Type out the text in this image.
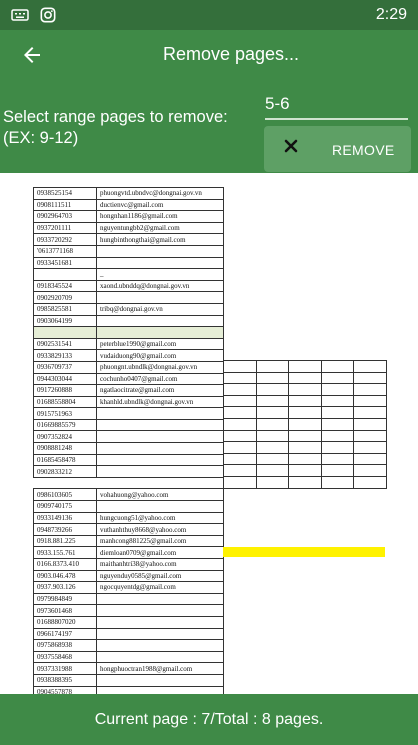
2:29
Remove pages...
Select range pages to remove:
(EX: 9-12)
5-6
REMOVE
0938525154	phuongvtd.ubndvc@dongnai.gov.vn
0908111511	ductienvc@gmail.com
0902964703	hongnhan1186@gmail.com
0937201111	nguyentungbb2@gmail.com
0933720292	hungbinthongthai@gmail.com
'0613771168	
0933451681	
	_
0918345524	xaond.ubnddq@dongnai.gov.vn
0902920709	
0985825581	tribq@dongnai.gov.vn
0903064199	

0902531541	peterblue1990@gmail.com
0933829133	vudaiduong90@gmail.com
0936709737	phuongnt.ubndlk@dongnai.gov.vn
0944303044	cochunho0407@gmail.com
0917260888	ngatlaocitrate@gmail.com
01688558804	khanhld.ubndlk@dongnai.gov.vn
0915751963	
01669885579	
0907352824	
0908881248	
01685458478	
0902833212	

0986103605	vohahuong@yahoo.com
0909740175	
0933149136	hungcuong51@yahoo.com
0948739266	vuthanhthuy8668@yahoo.com
0918.881.225	manhcong881225@gmail.com
0933.155.761	diemloan0709@gmail.com
0166.8373.410	maithanhtri38@yahoo.com
0903.046.478	nguyenduy0585@gmail.com
0937.903.126	ngocquyentdg@gmail.com
0979984849	
0973601468	
01688807020	
0966174197	
0975868938	
0937558468	
0937331988	hongphuoctran1988@gmail.com
0938388395	
0904557878	

Current page : 7/Total : 8 pages.
